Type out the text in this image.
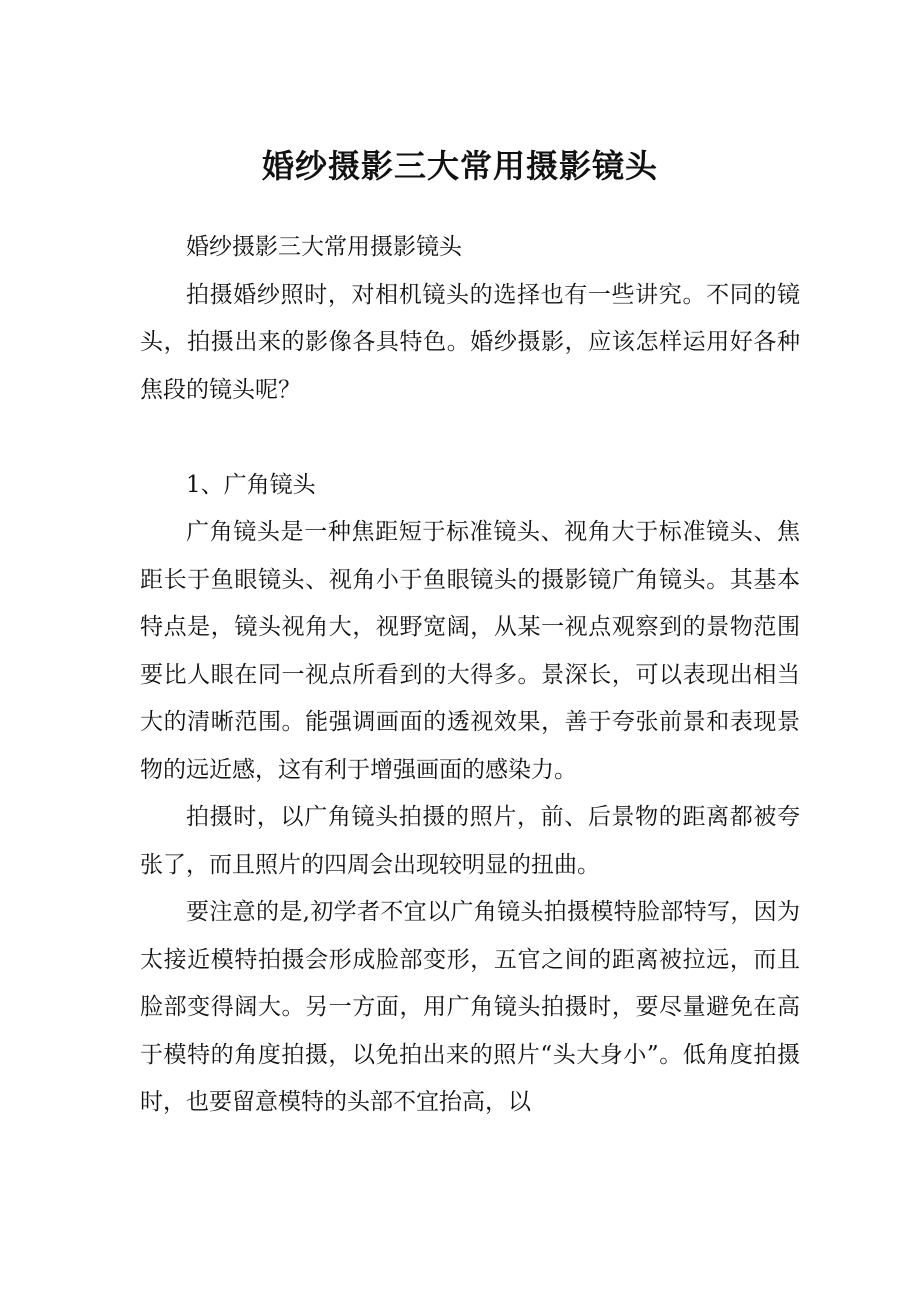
婚纱摄影三大常用摄影镜头

婚纱摄影三大常用摄影镜头

拍摄婚纱照时，对相机镜头的选择也有一些讲究。不同的镜头，拍摄出来的影像各具特色。婚纱摄影，应该怎样运用好各种焦段的镜头呢？

1、广角镜头

广角镜头是一种焦距短于标准镜头、视角大于标准镜头、焦距长于鱼眼镜头、视角小于鱼眼镜头的摄影镜广角镜头。其基本特点是，镜头视角大，视野宽阔，从某一视点观察到的景物范围要比人眼在同一视点所看到的大得多。景深长，可以表现出相当大的清晰范围。能强调画面的透视效果，善于夸张前景和表现景物的远近感，这有利于增强画面的感染力。

拍摄时，以广角镜头拍摄的照片，前、后景物的距离都被夸张了，而且照片的四周会出现较明显的扭曲。

要注意的是,初学者不宜以广角镜头拍摄模特脸部特写，因为太接近模特拍摄会形成脸部变形，五官之间的距离被拉远，而且脸部变得阔大。另一方面，用广角镜头拍摄时，要尽量避免在高于模特的角度拍摄，以免拍出来的照片“头大身小”。低角度拍摄时，也要留意模特的头部不宜抬高，以
